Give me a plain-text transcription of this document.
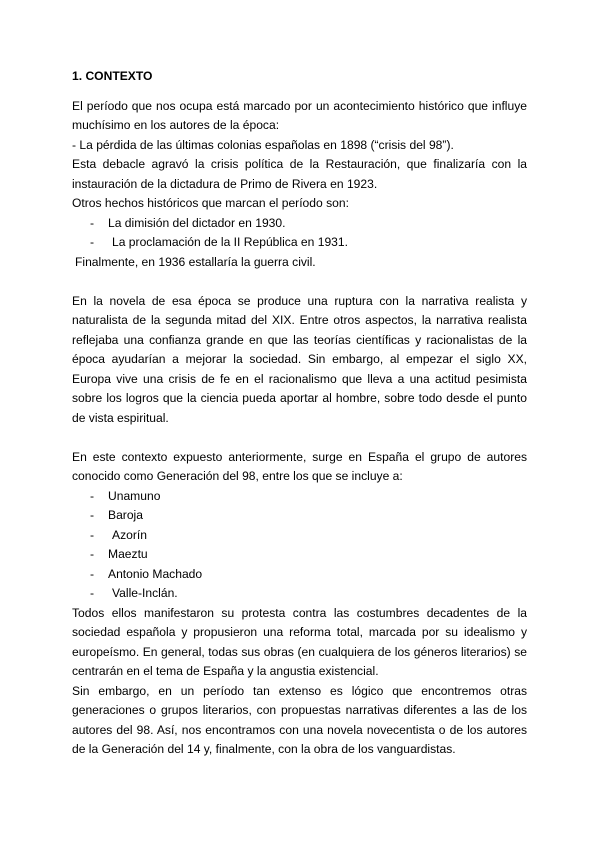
1. CONTEXTO

El período que nos ocupa está marcado por un acontecimiento histórico que influye muchísimo en los autores de la época:

- La pérdida de las últimas colonias españolas en 1898 (“crisis del 98”).

Esta debacle agravó la crisis política de la Restauración, que finalizaría con la instauración de la dictadura de Primo de Rivera en 1923.

Otros hechos históricos que marcan el período son:

- La dimisión del dictador en 1930.
- La proclamación de la II República en 1931.

Finalmente, en 1936 estallaría la guerra civil.

En la novela de esa época se produce una ruptura con la narrativa realista y naturalista de la segunda mitad del XIX. Entre otros aspectos, la narrativa realista reflejaba una confianza grande en que las teorías científicas y racionalistas de la época ayudarían a mejorar la sociedad. Sin embargo, al empezar el siglo XX, Europa vive una crisis de fe en el racionalismo que lleva a una actitud pesimista sobre los logros que la ciencia pueda aportar al hombre, sobre todo desde el punto de vista espiritual.

En este contexto expuesto anteriormente, surge en España el grupo de autores conocido como Generación del 98, entre los que se incluye a:

- Unamuno
- Baroja
- Azorín
- Maeztu
- Antonio Machado
- Valle-Inclán.

Todos ellos manifestaron su protesta contra las costumbres decadentes de la sociedad española y propusieron una reforma total, marcada por su idealismo y europeísmo. En general, todas sus obras (en cualquiera de los géneros literarios) se centrarán en el tema de España y la angustia existencial.

Sin embargo, en un período tan extenso es lógico que encontremos otras generaciones o grupos literarios, con propuestas narrativas diferentes a las de los autores del 98. Así, nos encontramos con una novela novecentista o de los autores de la Generación del 14 y, finalmente, con la obra de los vanguardistas.
